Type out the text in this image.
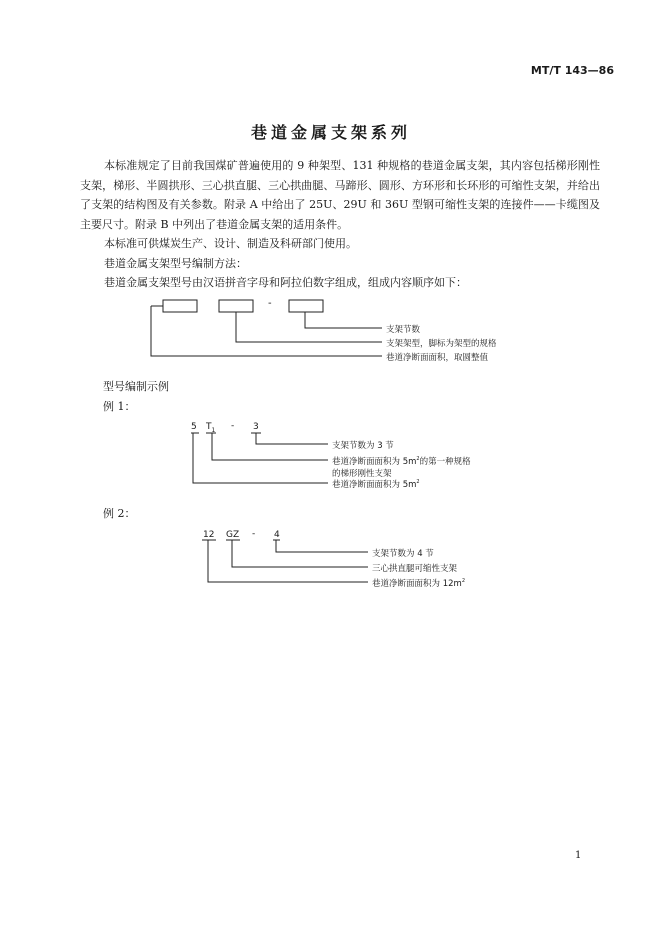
MT/T 143—86
巷道金属支架系列

本标准规定了目前我国煤矿普遍使用的 9 种架型、131 种规格的巷道金属支架，其内容包括梯形刚性支架，梯形、半圆拱形、三心拱直腿、三心拱曲腿、马蹄形、圆形、方环形和长环形的可缩性支架，并给出了支架的结构图及有关参数。附录 A 中给出了 25U、29U 和 36U 型钢可缩性支架的连接件——卡缆图及主要尺寸。附录 B 中列出了巷道金属支架的适用条件。

本标准可供煤炭生产、设计、制造及科研部门使用。

巷道金属支架型号编制方法：

巷道金属支架型号由汉语拼音字母和阿拉伯数字组成，组成内容顺序如下：

-
支架节数
支架架型，脚标为架型的规格
巷道净断面面积，取圆整值
型号编制示例
例 1：
5 $T_1 - 3$
支架节数为 3 节
巷道净断面面积为 $5m^2$的第一种规格
的梯形刚性支架
巷道净断面面积为 $5m^2$
例 2：
12 GZ - 4
支架节数为 4 节
三心拱直腿可缩性支架
巷道净断面面积为 $12m^2$
1
